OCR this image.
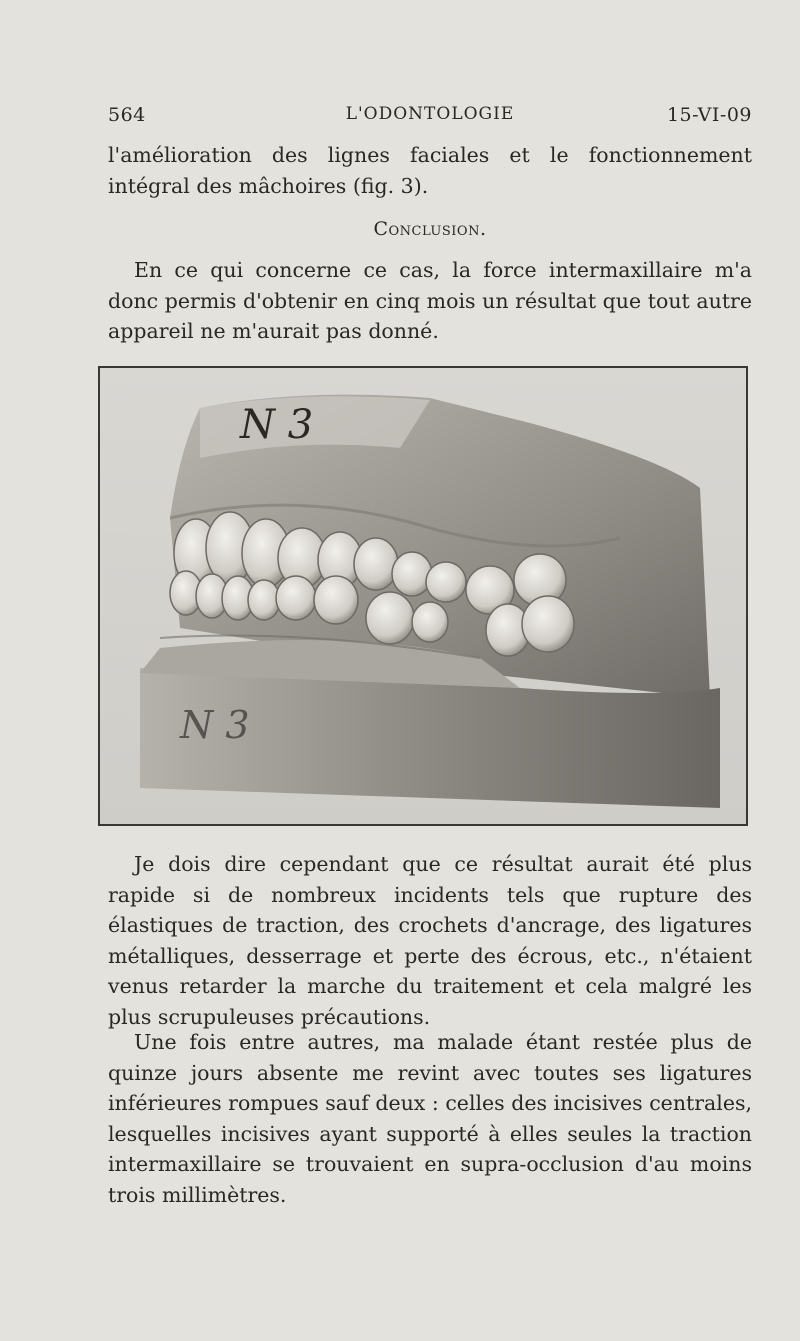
564	L'ODONTOLOGIE	15-VI-09

l'amélioration des lignes faciales et le fonctionnement intégral des mâchoires (fig. 3).

Conclusion.

En ce qui concerne ce cas, la force intermaxillaire m'a donc permis d'obtenir en cinq mois un résultat que tout autre appareil ne m'aurait pas donné.

N 3
N 3

Je dois dire cependant que ce résultat aurait été plus rapide si de nombreux incidents tels que rupture des élastiques de traction, des crochets d'ancrage, des ligatures métalliques, desserrage et perte des écrous, etc., n'étaient venus retarder la marche du traitement et cela malgré les plus scrupuleuses précautions.

Une fois entre autres, ma malade étant restée plus de quinze jours absente me revint avec toutes ses ligatures inférieures rompues sauf deux : celles des incisives centrales, lesquelles incisives ayant supporté à elles seules la traction intermaxillaire se trouvaient en supra-occlusion d'au moins trois millimètres.
